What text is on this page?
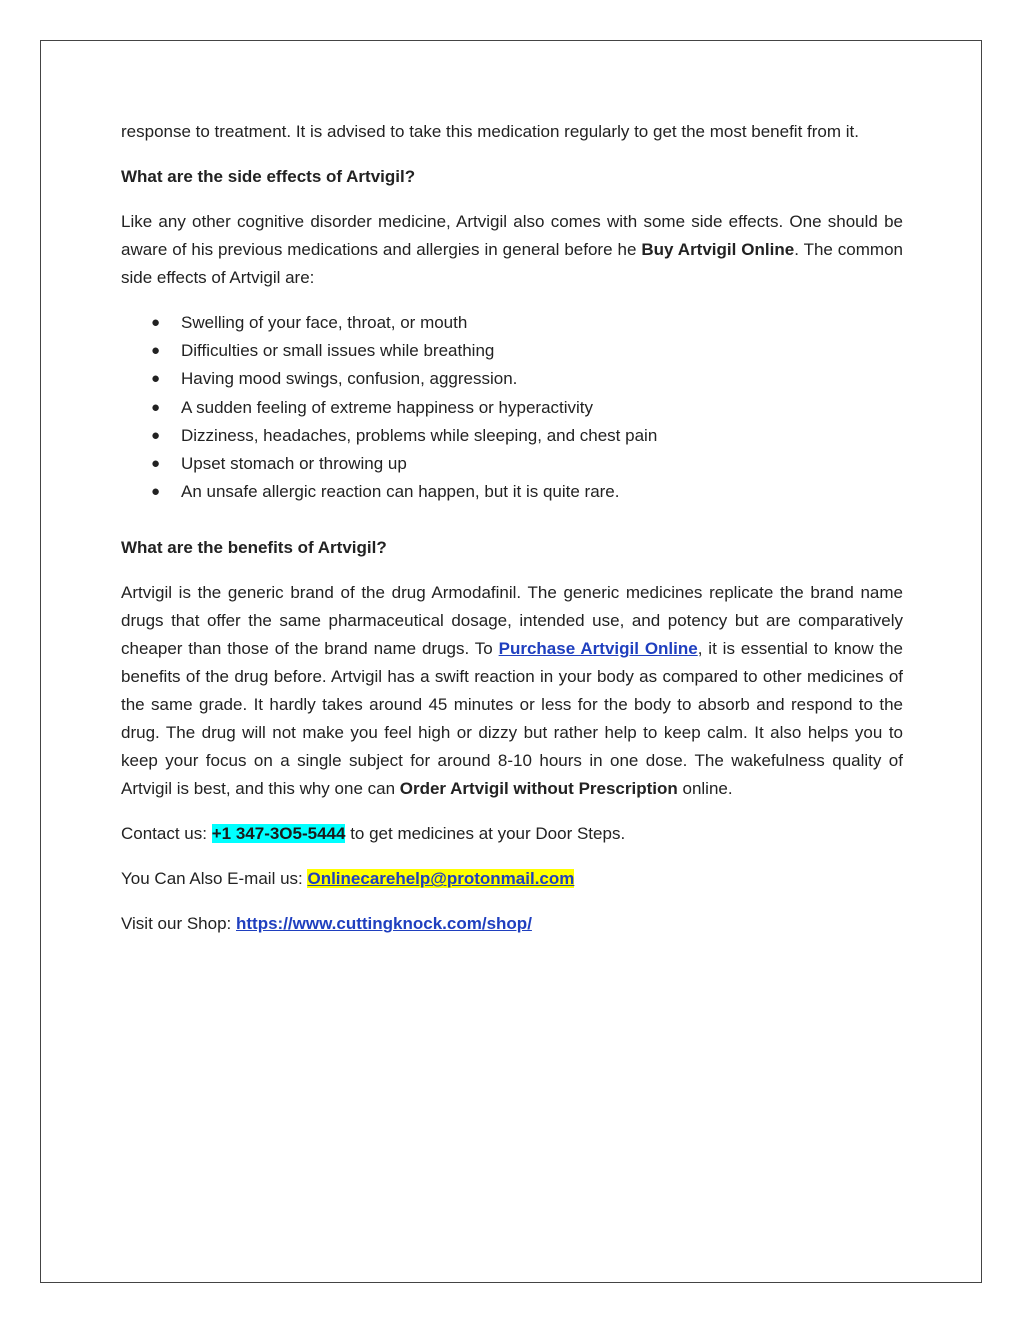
response to treatment. It is advised to take this medication regularly to get the most benefit from it.

What are the side effects of Artvigil?

Like any other cognitive disorder medicine, Artvigil also comes with some side effects. One should be aware of his previous medications and allergies in general before he Buy Artvigil Online. The common side effects of Artvigil are:

● Swelling of your face, throat, or mouth
● Difficulties or small issues while breathing
● Having mood swings, confusion, aggression.
● A sudden feeling of extreme happiness or hyperactivity
● Dizziness, headaches, problems while sleeping, and chest pain
● Upset stomach or throwing up
● An unsafe allergic reaction can happen, but it is quite rare.

What are the benefits of Artvigil?

Artvigil is the generic brand of the drug Armodafinil. The generic medicines replicate the brand name drugs that offer the same pharmaceutical dosage, intended use, and potency but are comparatively cheaper than those of the brand name drugs. To Purchase Artvigil Online, it is essential to know the benefits of the drug before. Artvigil has a swift reaction in your body as compared to other medicines of the same grade. It hardly takes around 45 minutes or less for the body to absorb and respond to the drug. The drug will not make you feel high or dizzy but rather help to keep calm. It also helps you to keep your focus on a single subject for around 8-10 hours in one dose. The wakefulness quality of Artvigil is best, and this why one can Order Artvigil without Prescription online.

Contact us: +1 347-3O5-5444 to get medicines at your Door Steps.

You Can Also E-mail us: Onlinecarehelp@protonmail.com

Visit our Shop: https://www.cuttingknock.com/shop/
